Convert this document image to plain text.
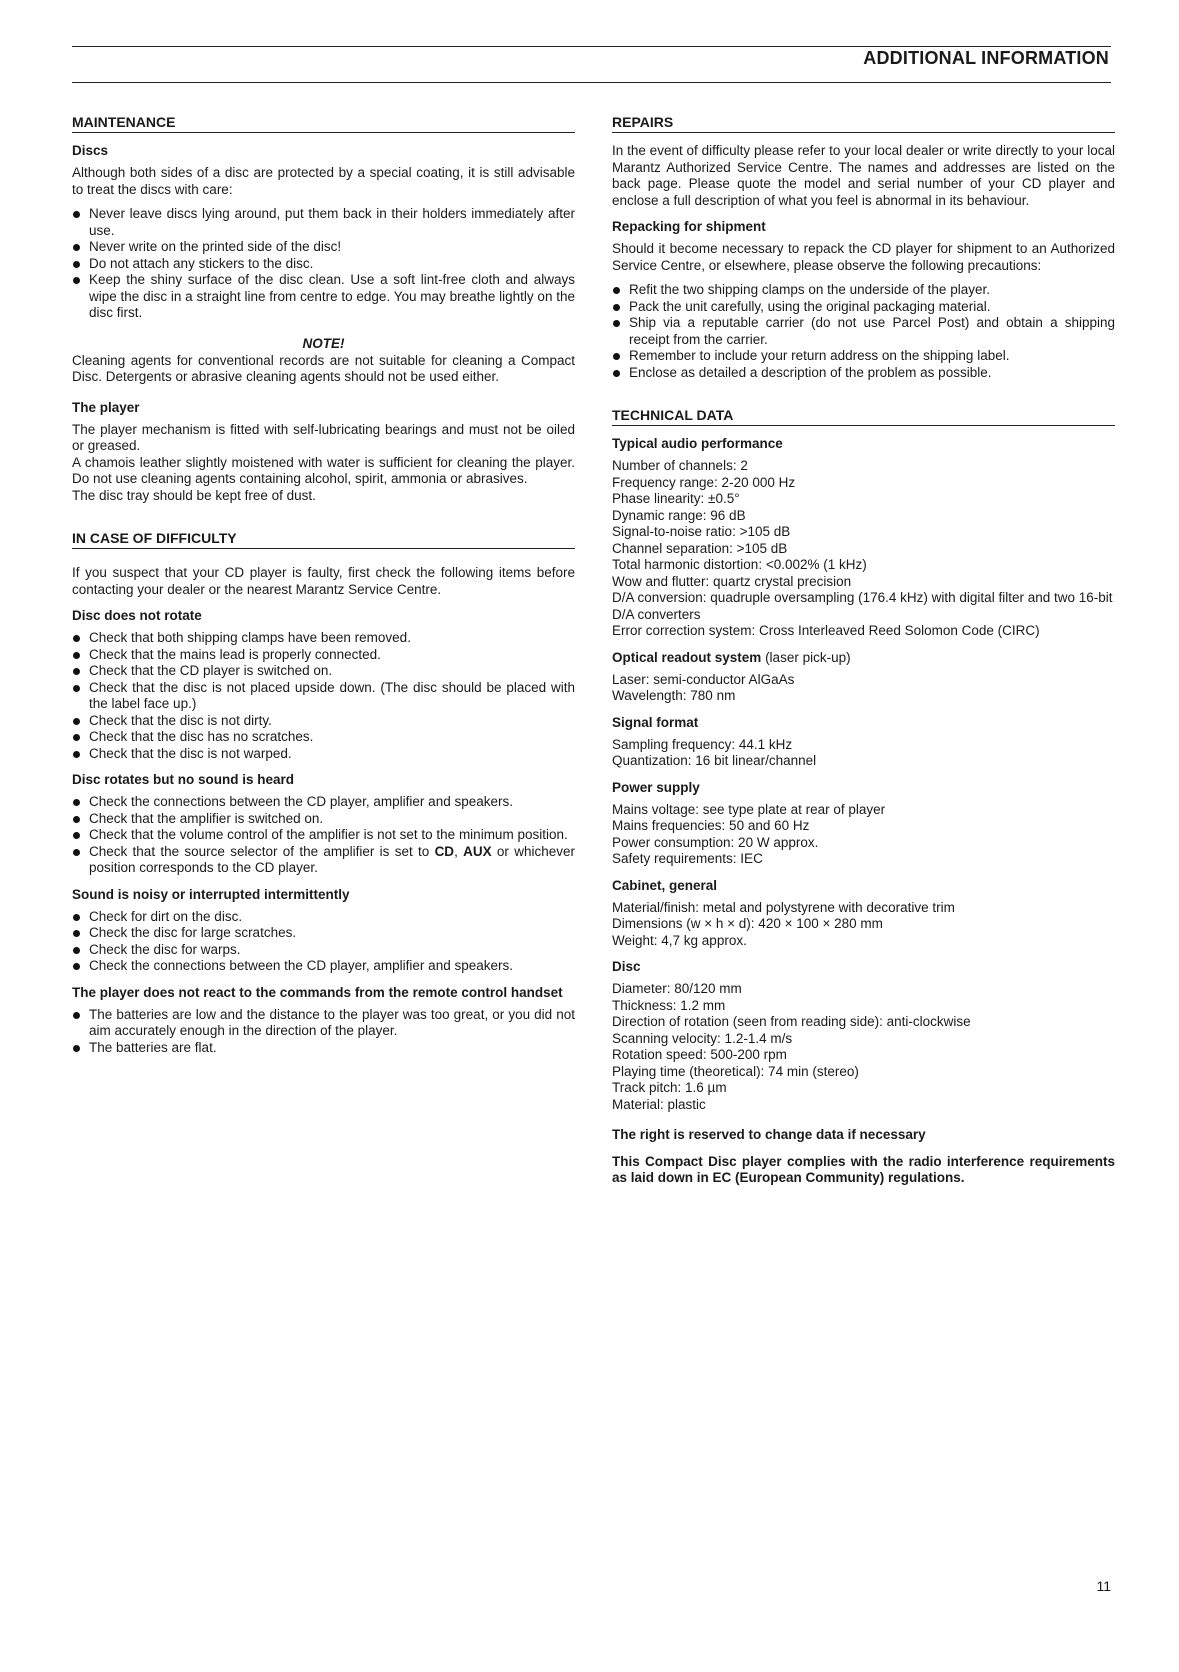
ADDITIONAL INFORMATION
MAINTENANCE
Discs

Although both sides of a disc are protected by a special coating, it is still advisable to treat the discs with care:

Never leave discs lying around, put them back in their holders immediately after use.
Never write on the printed side of the disc!
Do not attach any stickers to the disc.
Keep the shiny surface of the disc clean. Use a soft lint-free cloth and always wipe the disc in a straight line from centre to edge. You may breathe lightly on the disc first.
NOTE!

Cleaning agents for conventional records are not suitable for cleaning a Compact Disc. Detergents or abrasive cleaning agents should not be used either.

The player
The player mechanism is fitted with self-lubricating bearings and must not be oiled or greased.
A chamois leather slightly moistened with water is sufficient for cleaning the player. Do not use cleaning agents containing alcohol, spirit, ammonia or abrasives.
The disc tray should be kept free of dust.
IN CASE OF DIFFICULTY

If you suspect that your CD player is faulty, first check the following items before contacting your dealer or the nearest Marantz Service Centre.

Disc does not rotate
Check that both shipping clamps have been removed.
Check that the mains lead is properly connected.
Check that the CD player is switched on.
Check that the disc is not placed upside down. (The disc should be placed with the label face up.)
Check that the disc is not dirty.
Check that the disc has no scratches.
Check that the disc is not warped.
Disc rotates but no sound is heard
Check the connections between the CD player, amplifier and speakers.
Check that the amplifier is switched on.
Check that the volume control of the amplifier is not set to the minimum position.
Check that the source selector of the amplifier is set to CD, AUX or whichever position corresponds to the CD player.
Sound is noisy or interrupted intermittently
Check for dirt on the disc.
Check the disc for large scratches.
Check the disc for warps.
Check the connections between the CD player, amplifier and speakers.
The player does not react to the commands from the remote control handset
The batteries are low and the distance to the player was too great, or you did not aim accurately enough in the direction of the player.
The batteries are flat.
REPAIRS

In the event of difficulty please refer to your local dealer or write directly to your local Marantz Authorized Service Centre. The names and addresses are listed on the back page. Please quote the model and serial number of your CD player and enclose a full description of what you feel is abnormal in its behaviour.

Repacking for shipment

Should it become necessary to repack the CD player for shipment to an Authorized Service Centre, or elsewhere, please observe the following precautions:

Refit the two shipping clamps on the underside of the player.
Pack the unit carefully, using the original packaging material.
Ship via a reputable carrier (do not use Parcel Post) and obtain a shipping receipt from the carrier.
Remember to include your return address on the shipping label.
Enclose as detailed a description of the problem as possible.
TECHNICAL DATA
Typical audio performance
Number of channels: 2
Frequency range: 2-20 000 Hz
Phase linearity: ±0.5°
Dynamic range: 96 dB
Signal-to-noise ratio: >105 dB
Channel separation: >105 dB
Total harmonic distortion: <0.002% (1 kHz)
Wow and flutter: quartz crystal precision
D/A conversion: quadruple oversampling (176.4 kHz) with digital filter and two 16-bit D/A converters
Error correction system: Cross Interleaved Reed Solomon Code (CIRC)
Optical readout system (laser pick-up)
Laser: semi-conductor AlGaAs
Wavelength: 780 nm
Signal format
Sampling frequency: 44.1 kHz
Quantization: 16 bit linear/channel
Power supply
Mains voltage: see type plate at rear of player
Mains frequencies: 50 and 60 Hz
Power consumption: 20 W approx.
Safety requirements: IEC
Cabinet, general
Material/finish: metal and polystyrene with decorative trim
Dimensions (w × h × d): 420 × 100 × 280 mm
Weight: 4,7 kg approx.
Disc
Diameter: 80/120 mm
Thickness: 1.2 mm
Direction of rotation (seen from reading side): anti-clockwise
Scanning velocity: 1.2-1.4 m/s
Rotation speed: 500-200 rpm
Playing time (theoretical): 74 min (stereo)
Track pitch: 1.6 µm
Material: plastic
The right is reserved to change data if necessary
This Compact Disc player complies with the radio interference requirements as laid down in EC (European Community) regulations.
11
